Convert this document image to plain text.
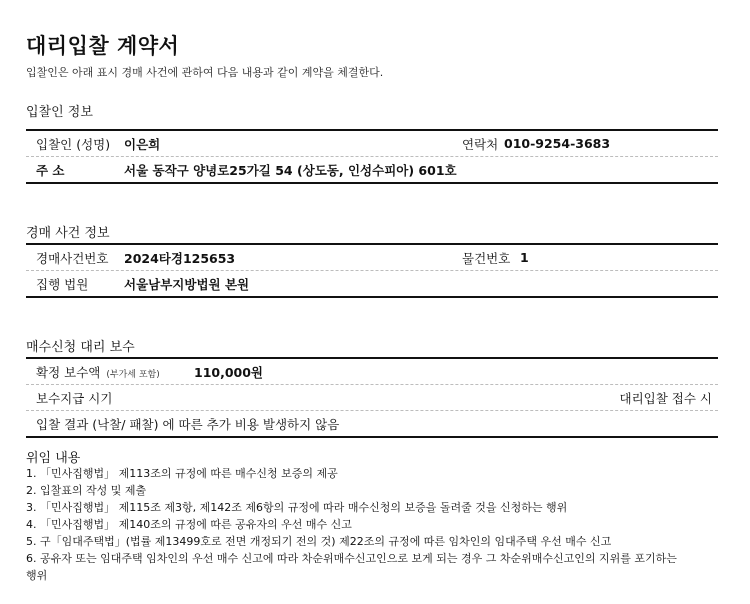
대리입찰 계약서
입찰인은 아래 표시 경매 사건에 관하여 다음 내용과 같이 계약을 체결한다.
입찰인 정보
입찰인 (성명) 이은희	연락처 010-9254-3683
주 소	서울 동작구 양녕로25가길 54 (상도동, 인성수피아) 601호
경매 사건 정보
경매사건번호 2024타경125653	물건번호 1
집행 법원	서울남부지방법원 본원
매수신청 대리 보수
확정 보수액 (부가세 포함)	110,000원
보수지급 시기	대리입찰 접수 시
입찰 결과 (낙찰/ 패찰) 에 따른 추가 비용 발생하지 않음
위임 내용
1. 「민사집행법」 제113조의 규정에 따른 매수신청 보증의 제공
2. 입찰표의 작성 및 제출
3. 「민사집행법」 제115조 제3항, 제142조 제6항의 규정에 따라 매수신청의 보증을 돌려줄 것을 신청하는 행위
4. 「민사집행법」 제140조의 규정에 따른 공유자의 우선 매수 신고
5. 구「임대주택법」(법률 제13499호로 전면 개정되기 전의 것) 제22조의 규정에 따른 임차인의 임대주택 우선 매수 신고
6. 공유자 또는 임대주택 임차인의 우선 매수 신고에 따라 차순위매수신고인으로 보게 되는 경우 그 차순위매수신고인의 지위를 포기하는
행위
